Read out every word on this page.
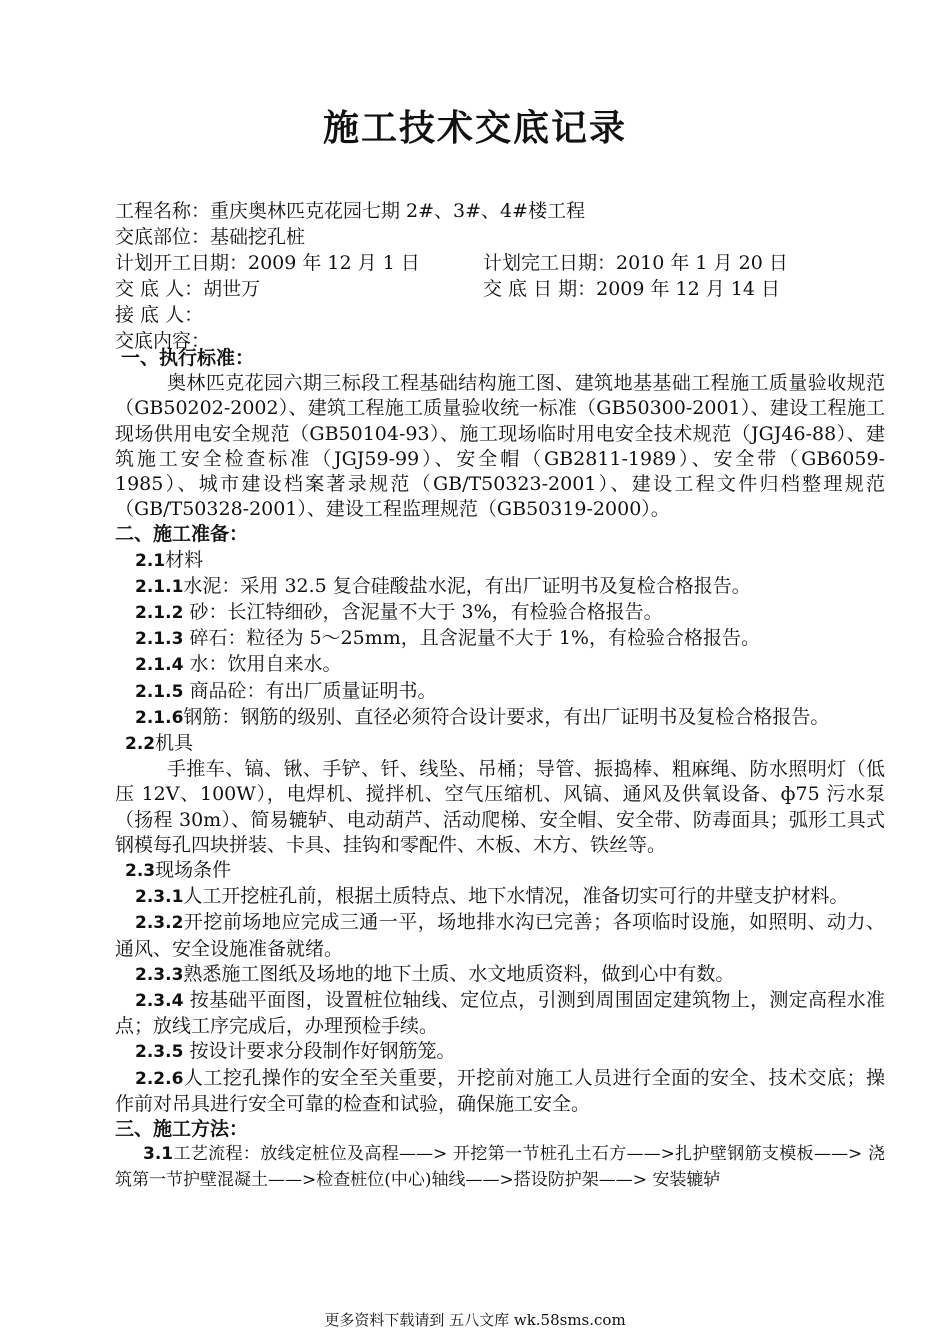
施工技术交底记录
工程名称：重庆奥林匹克花园七期 2#、3#、4#楼工程
交底部位：基础挖孔桩
计划开工日期：2009 年 12 月 1 日	计划完工日期：2010 年 1 月 20 日
交 底 人：胡世万	交 底 日 期：2009 年 12 月 14 日
接 底 人：
交底内容：
一、执行标准：
奥林匹克花园六期三标段工程基础结构施工图、建筑地基基础工程施工质量验收规范（GB50202-2002）、建筑工程施工质量验收统一标准（GB50300-2001）、建设工程施工现场供用电安全规范（GB50104-93）、施工现场临时用电安全技术规范（JGJ46-88）、建筑施工安全检查标准（JGJ59-99）、安全帽（GB2811-1989）、安全带（GB6059-1985）、城市建设档案著录规范（GB/T50323-2001）、建设工程文件归档整理规范（GB/T50328-2001）、建设工程监理规范（GB50319-2000）。
二、施工准备：
2.1材料
2.1.1水泥：采用 32.5 复合硅酸盐水泥，有出厂证明书及复检合格报告。
2.1.2 砂：长江特细砂，含泥量不大于 3%，有检验合格报告。
2.1.3 碎石：粒径为 5～25mm，且含泥量不大于 1%，有检验合格报告。
2.1.4 水：饮用自来水。
2.1.5 商品砼：有出厂质量证明书。
2.1.6钢筋：钢筋的级别、直径必须符合设计要求，有出厂证明书及复检合格报告。
2.2机具
手推车、镐、锹、手铲、钎、线坠、吊桶；导管、振捣棒、粗麻绳、防水照明灯（低压 12V、100W），电焊机、搅拌机、空气压缩机、风镐、通风及供氧设备、ф75 污水泵（扬程 30m）、简易辘轳、电动葫芦、活动爬梯、安全帽、安全带、防毒面具；弧形工具式钢模每孔四块拼装、卡具、挂钩和零配件、木板、木方、铁丝等。
2.3现场条件
2.3.1人工开挖桩孔前，根据土质特点、地下水情况，准备切实可行的井壁支护材料。
2.3.2开挖前场地应完成三通一平，场地排水沟已完善；各项临时设施，如照明、动力、通风、安全设施准备就绪。
2.3.3熟悉施工图纸及场地的地下土质、水文地质资料，做到心中有数。
2.3.4 按基础平面图，设置桩位轴线、定位点，引测到周围固定建筑物上，测定高程水准点；放线工序完成后，办理预检手续。
2.3.5 按设计要求分段制作好钢筋笼。
2.2.6人工挖孔操作的安全至关重要，开挖前对施工人员进行全面的安全、技术交底；操作前对吊具进行安全可靠的检查和试验，确保施工安全。
三、施工方法：
3.1工艺流程：放线定桩位及高程——> 开挖第一节桩孔土石方——>扎护壁钢筋支模板——> 浇筑第一节护壁混凝土——>检查桩位(中心)轴线——>搭设防护架——> 安装辘轳
更多资料下载请到 五八文库 wk.58sms.com
